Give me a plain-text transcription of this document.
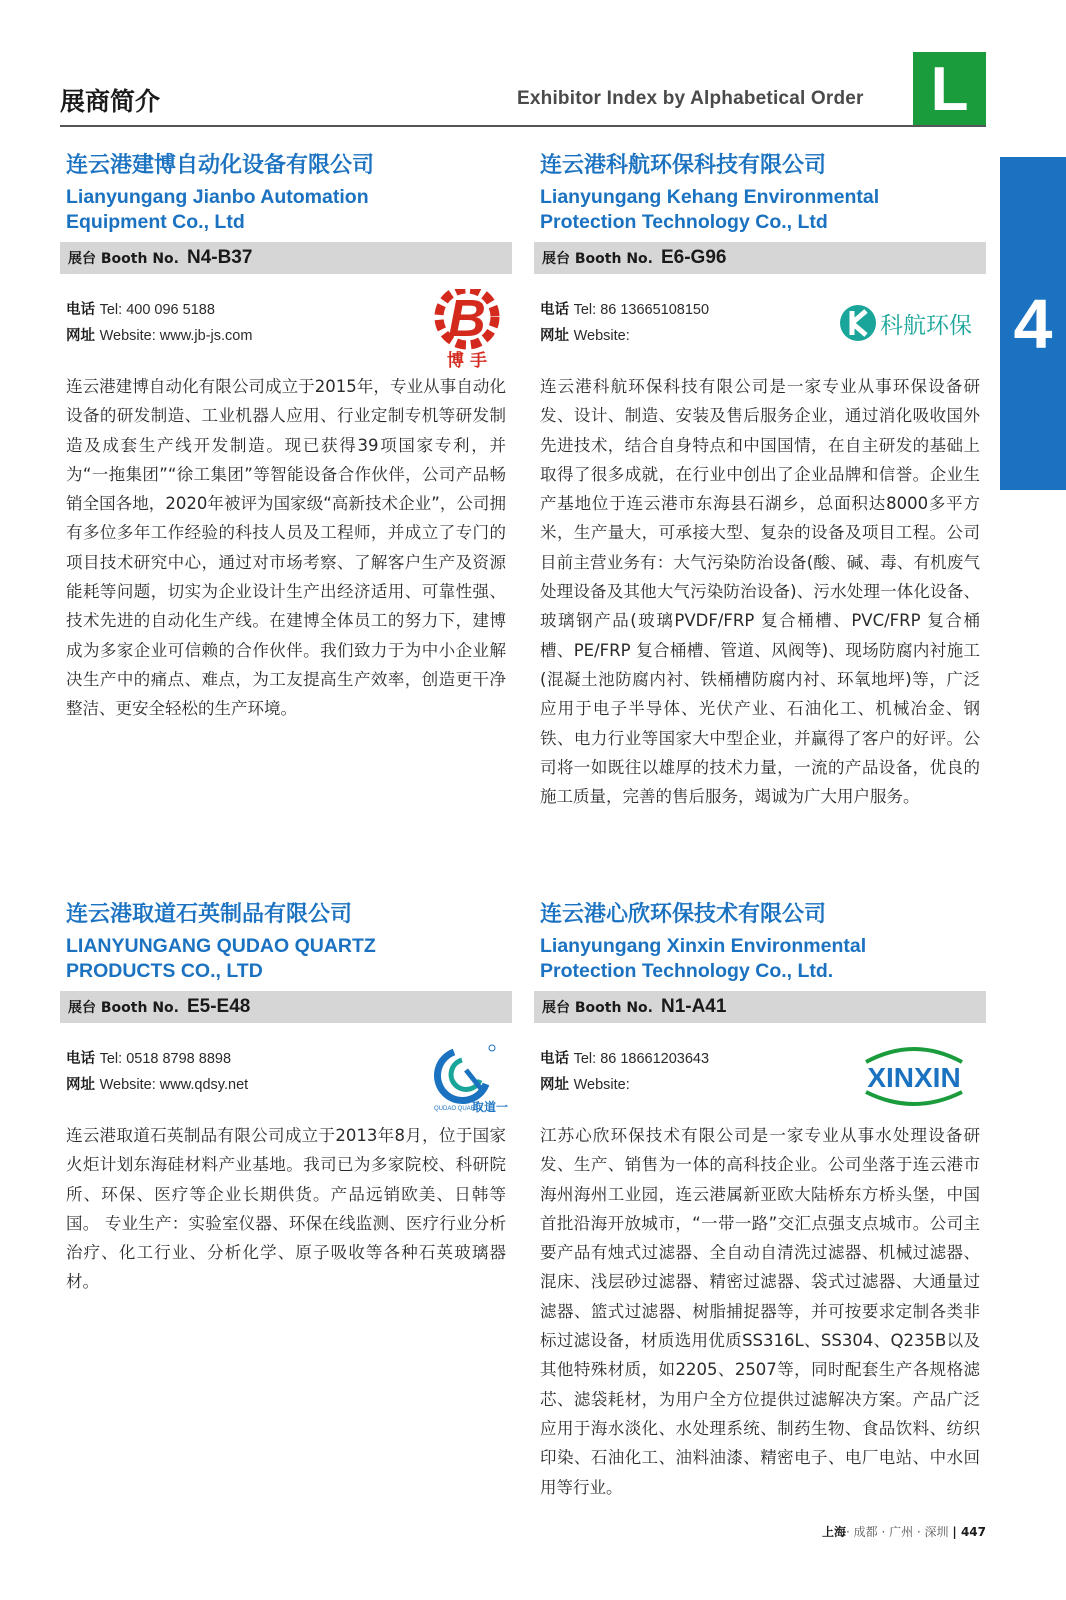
展商简介	Exhibitor Index by Alphabetical Order L
4
连云港建博自动化设备有限公司
Lianyungang Jianbo Automation
Equipment Co., Ltd
展台 Booth No. N4-B37
电话 Tel: 400 096 5188
网址 Website: www.jb-js.com	B
博 手
连云港建博自动化有限公司成立于2015年，专业从事自动化设备的研发制造、工业机器人应用、行业定制专机等研发制造及成套生产线开发制造。现已获得39项国家专利，并为“一拖集团”“徐工集团”等智能设备合作伙伴，公司产品畅销全国各地，2020年被评为国家级“高新技术企业”，公司拥有多位多年工作经验的科技人员及工程师，并成立了专门的项目技术研究中心，通过对市场考察、了解客户生产及资源能耗等问题，切实为企业设计生产出经济适用、可靠性强、技术先进的自动化生产线。在建博全体员工的努力下，建博成为多家企业可信赖的合作伙伴。我们致力于为中小企业解决生产中的痛点、难点，为工友提高生产效率，创造更干净整洁、更安全轻松的生产环境。
连云港科航环保科技有限公司
Lianyungang Kehang Environmental
Protection Technology Co., Ltd
展台 Booth No. E6-G96
电话 Tel: 86 13665108150
网址 Website:	科航环保
连云港科航环保科技有限公司是一家专业从事环保设备研发、设计、制造、安装及售后服务企业，通过消化吸收国外先进技术，结合自身特点和中国国情，在自主研发的基础上取得了很多成就，在行业中创出了企业品牌和信誉。企业生产基地位于连云港市东海县石湖乡，总面积达8000多平方米，生产量大，可承接大型、复杂的设备及项目工程。公司目前主营业务有：大气污染防治设备(酸、碱、毒、有机废气处理设备及其他大气污染防治设备)、污水处理一体化设备、玻璃钢产品(玻璃PVDF/FRP 复合桶槽、PVC/FRP 复合桶槽、PE/FRP 复合桶槽、管道、风阀等)、现场防腐内衬施工(混凝土池防腐内衬、铁桶槽防腐内衬、环氧地坪)等，广泛应用于电子半导体、光伏产业、石油化工、机械冶金、钢铁、电力行业等国家大中型企业，并赢得了客户的好评。公司将一如既往以雄厚的技术力量，一流的产品设备，优良的施工质量，完善的售后服务，竭诚为广大用户服务。
连云港取道石英制品有限公司
LIANYUNGANG QUDAO QUARTZ
PRODUCTS CO., LTD
展台 Booth No. E5-E48
电话 Tel: 0518 8798 8898
网址 Website: www.qdsy.net
QUDAO QUARTZ
取道一
连云港取道石英制品有限公司成立于2013年8月，位于国家火炬计划东海硅材料产业基地。我司已为多家院校、科研院所、环保、医疗等企业长期供货。产品远销欧美、日韩等国。 专业生产：实验室仪器、环保在线监测、医疗行业分析治疗、化工行业、分析化学、原子吸收等各种石英玻璃器材。
连云港心欣环保技术有限公司
Lianyungang Xinxin Environmental
Protection Technology Co., Ltd.
展台 Booth No. N1-A41
电话 Tel: 86 18661203643
网址 Website:	XINXIN
江苏心欣环保技术有限公司是一家专业从事水处理设备研发、生产、销售为一体的高科技企业。公司坐落于连云港市海州海州工业园，连云港属新亚欧大陆桥东方桥头堡，中国首批沿海开放城市，“一带一路”交汇点强支点城市。公司主要产品有烛式过滤器、全自动自清洗过滤器、机械过滤器、混床、浅层砂过滤器、精密过滤器、袋式过滤器、大通量过滤器、篮式过滤器、树脂捕捉器等，并可按要求定制各类非标过滤设备，材质选用优质SS316L、SS304、Q235B以及其他特殊材质，如2205、2507等，同时配套生产各规格滤芯、滤袋耗材，为用户全方位提供过滤解决方案。产品广泛应用于海水淡化、水处理系统、制药生物、食品饮料、纺织印染、石油化工、油料油漆、精密电子、电厂电站、中水回用等行业。
上海· 成都 · 广州 · 深圳 | 447
